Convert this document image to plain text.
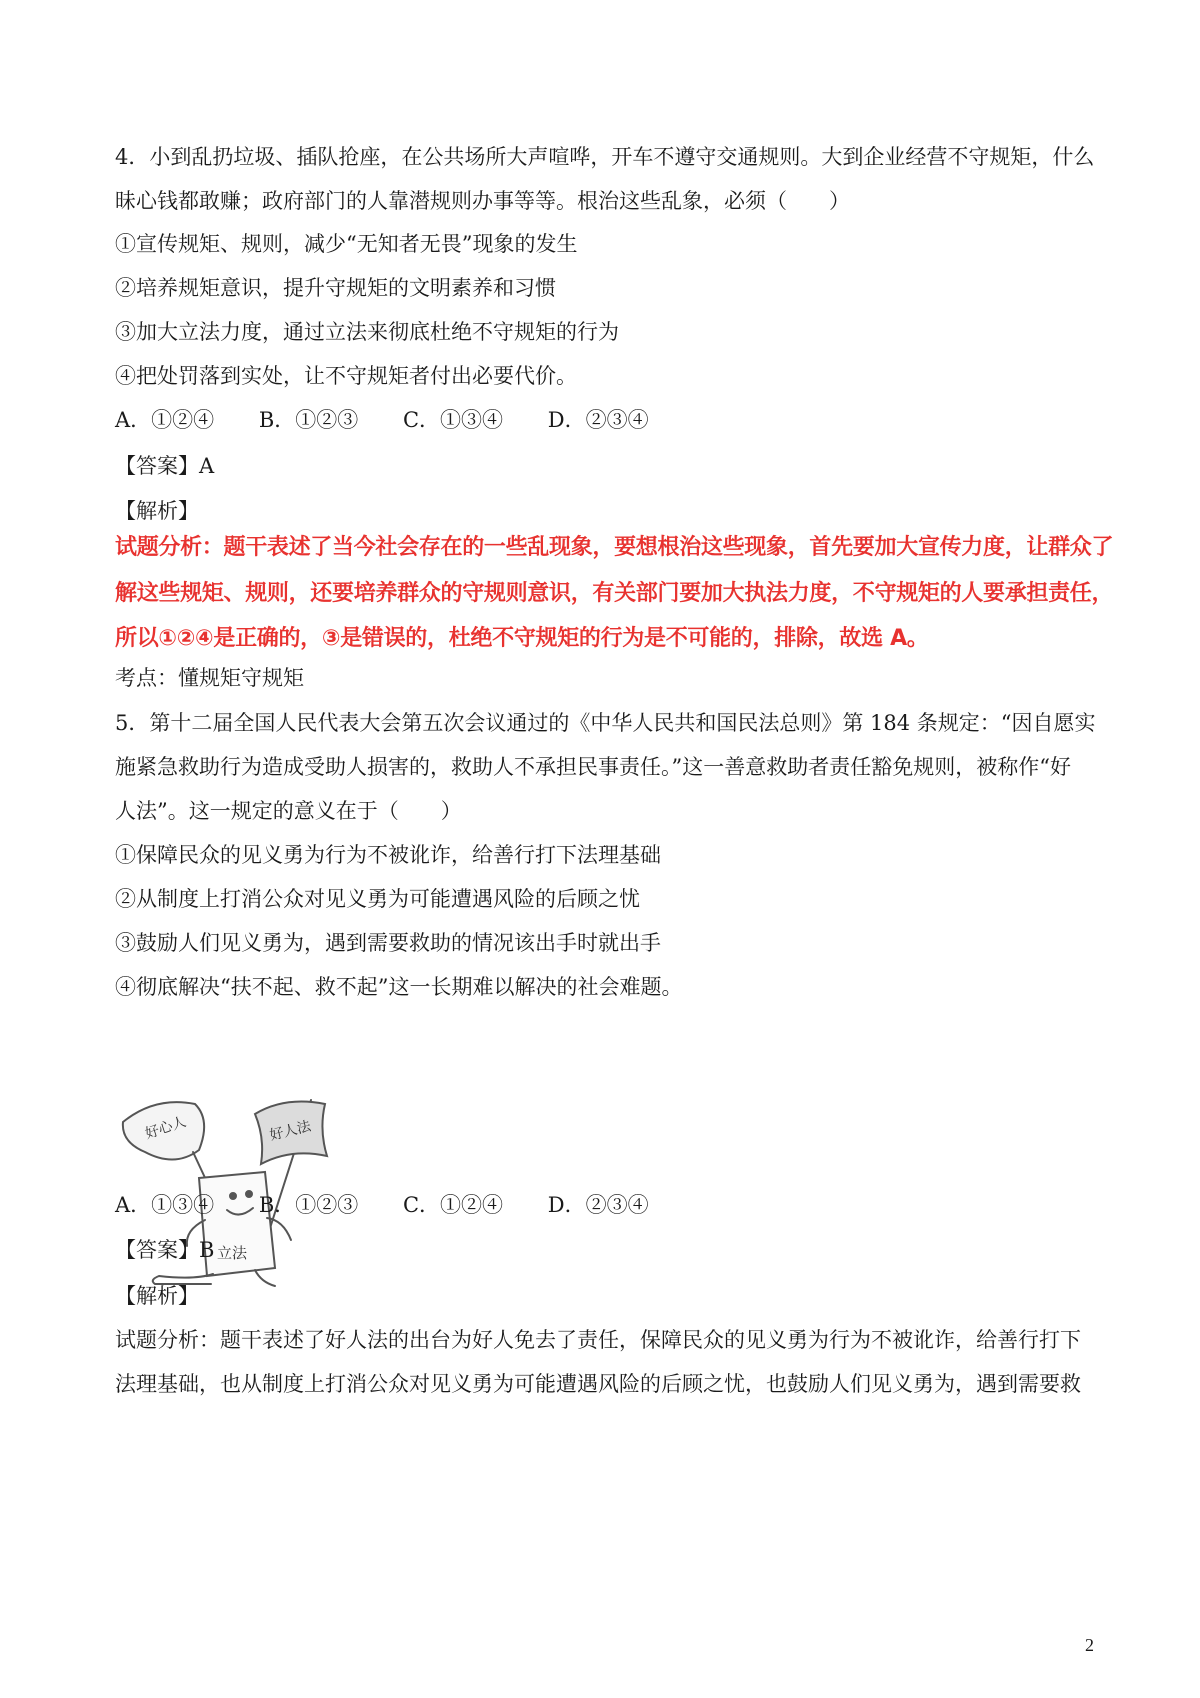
4．小到乱扔垃圾、插队抢座，在公共场所大声喧哗，开车不遵守交通规则。大到企业经营不守规矩，什么
昧心钱都敢赚；政府部门的人靠潜规则办事等等。根治这些乱象，必须（　　）
①宣传规矩、规则，减少“无知者无畏”现象的发生
②培养规矩意识，提升守规矩的文明素养和习惯
③加大立法力度，通过立法来彻底杜绝不守规矩的行为
④把处罚落到实处，让不守规矩者付出必要代价。
A．①②④ B．①②③ C．①③④ D．②③④
【答案】A
【解析】
试题分析：题干表述了当今社会存在的一些乱现象，要想根治这些现象，首先要加大宣传力度，让群众了
解这些规矩、规则，还要培养群众的守规则意识，有关部门要加大执法力度，不守规矩的人要承担责任，
所以①②④是正确的，③是错误的，杜绝不守规矩的行为是不可能的，排除，故选 A。
考点：懂规矩守规矩
5．第十二届全国人民代表大会第五次会议通过的《中华人民共和国民法总则》第 184 条规定：“因自愿实
施紧急救助行为造成受助人损害的，救助人不承担民事责任。”这一善意救助者责任豁免规则，被称作“好
人法”。这一规定的意义在于（　　）
①保障民众的见义勇为行为不被讹诈，给善行打下法理基础
②从制度上打消公众对见义勇为可能遭遇风险的后顾之忧
③鼓励人们见义勇为，遇到需要救助的情况该出手时就出手
④彻底解决“扶不起、救不起”这一长期难以解决的社会难题。
好心人	好人法
立法
A．①③④ B．①②③ C．①②④ D．②③④
【答案】B
【解析】
试题分析：题干表述了好人法的出台为好人免去了责任，保障民众的见义勇为行为不被讹诈，给善行打下
法理基础，也从制度上打消公众对见义勇为可能遭遇风险的后顾之忧，也鼓励人们见义勇为，遇到需要救
2
